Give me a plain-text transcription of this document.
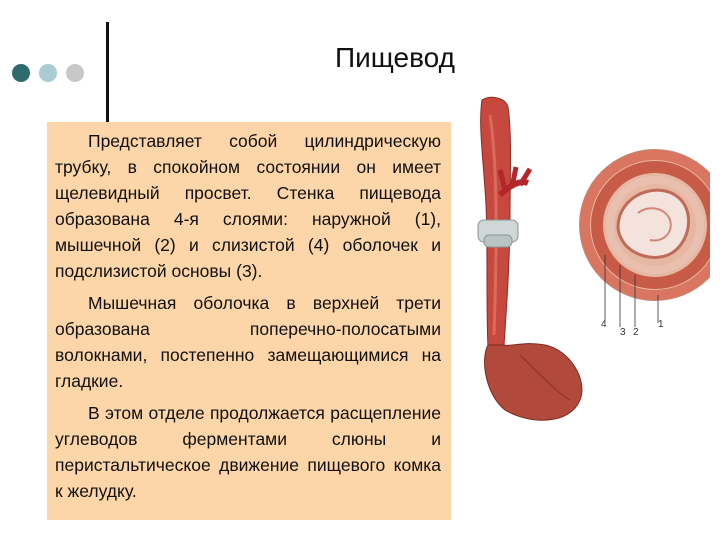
Пищевод

Представляет собой цилиндрическую трубку, в спокойном состоянии он имеет щелевидный просвет. Стенка пищевода образована 4-я слоями: наружной (1), мышечной (2) и слизистой (4) оболочек и подслизистой основы (3).

Мышечная оболочка в верхней трети образована поперечно-полосатыми волокнами, постепенно замещающимися на гладкие.

В этом отделе продолжается расщепление углеводов ферментами слюны и перистальтическое движение пищевого комка к желудку.

4
3 2
1
